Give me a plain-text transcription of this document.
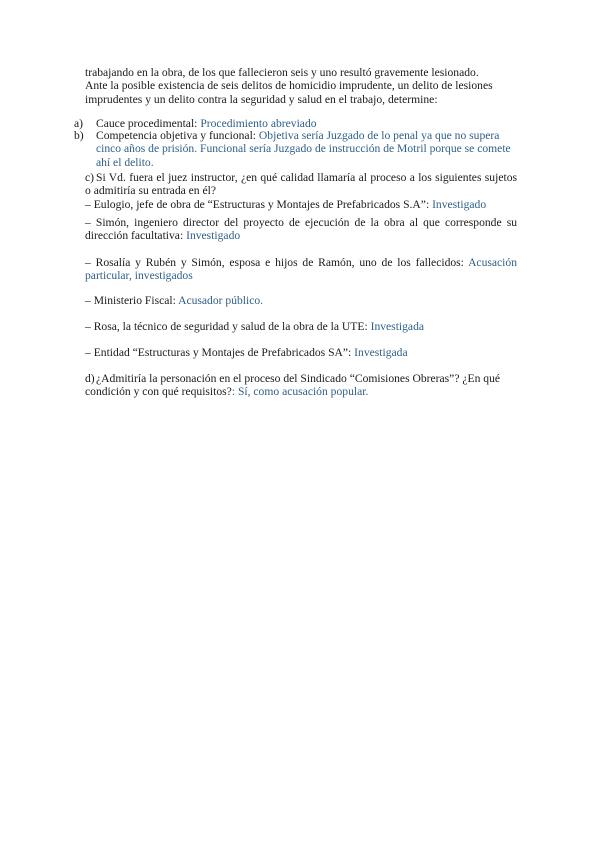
trabajando en la obra, de los que fallecieron seis y uno resultó gravemente lesionado.

Ante la posible existencia de seis delitos de homicidio imprudente, un delito de lesiones imprudentes y un delito contra la seguridad y salud en el trabajo, determine:

a) Cauce procedimental: Procedimiento abreviado

b) Competencia objetiva y funcional: Objetiva sería Juzgado de lo penal ya que no supera cinco años de prisión. Funcional sería Juzgado de instrucción de Motril porque se comete ahí el delito.

c) Si Vd. fuera el juez instructor, ¿en qué calidad llamaría al proceso a los siguientes sujetos o admitiría su entrada en él?

– Eulogio, jefe de obra de “Estructuras y Montajes de Prefabricados S.A”: Investigado

– Simón, ingeniero director del proyecto de ejecución de la obra al que corresponde su dirección facultativa: Investigado

– Rosalía y Rubén y Simón, esposa e hijos de Ramón, uno de los fallecidos: Acusación particular, investigados

– Ministerio Fiscal: Acusador público.

– Rosa, la técnico de seguridad y salud de la obra de la UTE: Investigada

– Entidad “Estructuras y Montajes de Prefabricados SA”: Investigada

d)¿Admitiría la personación en el proceso del Sindicado “Comisiones Obreras”? ¿En qué condición y con qué requisitos?: Sí, como acusación popular.
